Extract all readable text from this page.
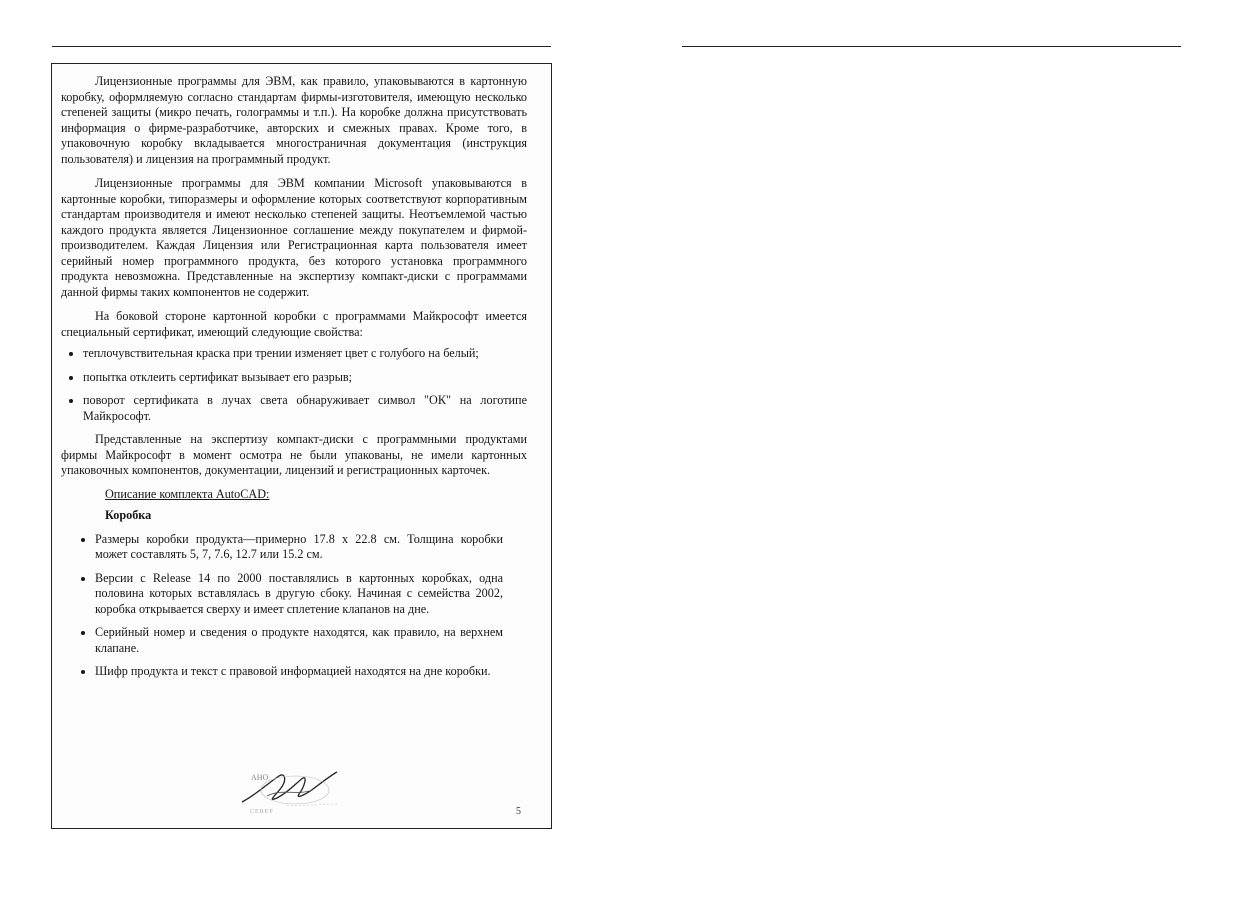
Лицензионные программы для ЭВМ, как правило, упаковываются в картонную коробку, оформляемую согласно стандартам фирмы-изготовителя, имеющую несколько степеней защиты (микро печать, голограммы и т.п.). На коробке должна присутствовать информация о фирме-разработчике, авторских и смежных правах. Кроме того, в упаковочную коробку вкладывается многостраничная документация (инструкция пользователя) и лицензия на программный продукт.

Лицензионные программы для ЭВМ компании Microsoft упаковываются в картонные коробки, типоразмеры и оформление которых соответствуют корпоративным стандартам производителя и имеют несколько степеней защиты. Неотъемлемой частью каждого продукта является Лицензионное соглашение между покупателем и фирмой-производителем. Каждая Лицензия или Регистрационная карта пользователя имеет серийный номер программного продукта, без которого установка программного продукта невозможна. Представленные на экспертизу компакт-диски с программами данной фирмы таких компонентов не содержит.

На боковой стороне картонной коробки с программами Майкрософт имеется специальный сертификат, имеющий следующие свойства:

• теплочувствительная краска при трении изменяет цвет с голубого на белый;
• попытка отклеить сертификат вызывает его разрыв;
• поворот сертификата в лучах света обнаруживает символ "ОК" на логотипе Майкрософт.

Представленные на экспертизу компакт-диски с программными продуктами фирмы Майкрософт в момент осмотра не были упакованы, не имели картонных упаковочных компонентов, документации, лицензий и регистрационных карточек.

Описание комплекта AutoCAD:
Коробка
• Размеры коробки продукта—примерно 17.8 x 22.8 см. Толщина коробки может составлять 5, 7, 7.6, 12.7 или 15.2 см.
• Версии с Release 14 по 2000 поставлялись в картонных коробках, одна половина которых вставлялась в другую сбоку. Начиная с семейства 2002, коробка открывается сверху и имеет сплетение клапанов на дне.
• Серийный номер и сведения о продукте находятся, как правило, на верхнем клапане.
• Шифр продукта и текст с правовой информацией находятся на дне коробки.
АНО
СЕВЕР	5
